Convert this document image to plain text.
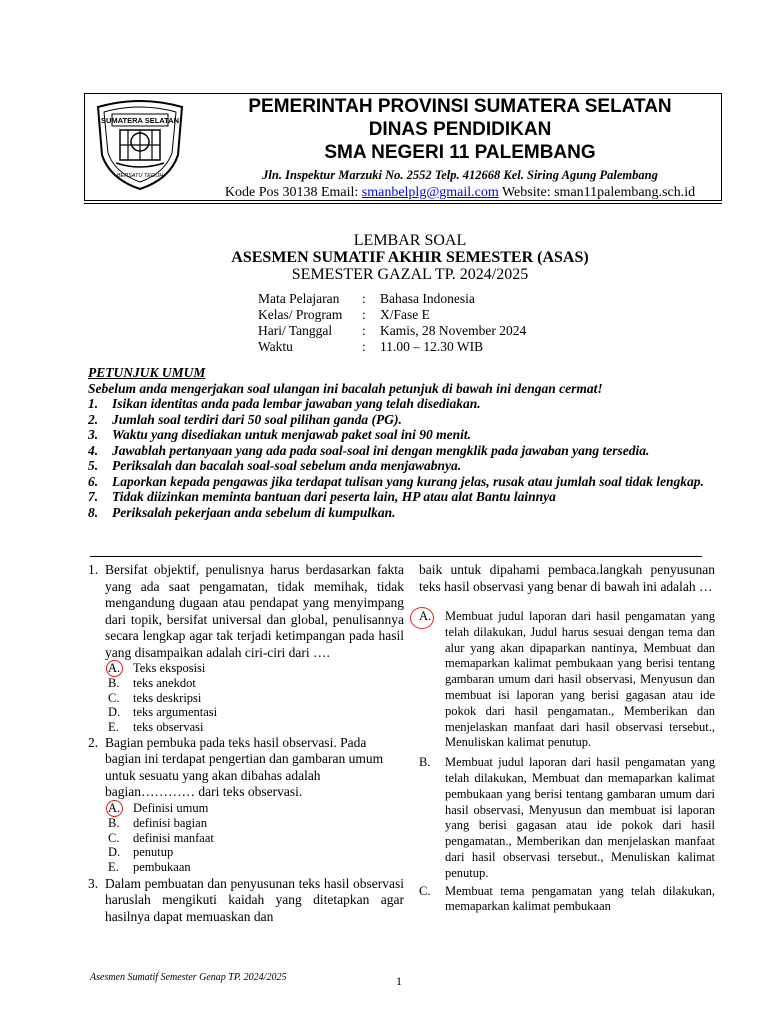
SUMATERA SELATAN
BERSATU TEGUH
PEMERINTAH PROVINSI SUMATERA SELATAN
DINAS PENDIDIKAN
SMA NEGERI 11 PALEMBANG
Jln. Inspektur Marzuki No. 2552 Telp. 412668 Kel. Siring Agung Palembang
Kode Pos 30138 Email: smanbelplg@gmail.com Website: sman11palembang.sch.id
LEMBAR SOAL
ASESMEN SUMATIF AKHIR SEMESTER (ASAS)
SEMESTER GAZAL TP. 2024/2025
Mata Pelajaran	:	Bahasa Indonesia
Kelas/ Program	:	X/Fase E
Hari/ Tanggal	:	Kamis, 28 November 2024
Waktu	:	11.00 – 12.30 WIB
PETUNJUK UMUM
Sebelum anda mengerjakan soal ulangan ini bacalah petunjuk di bawah ini dengan cermat!
1.	Isikan identitas anda pada lembar jawaban yang telah disediakan.
2.	Jumlah soal terdiri dari 50 soal pilihan ganda (PG).
3.	Waktu yang disediakan untuk menjawab paket soal ini 90 menit.
4.	Jawablah pertanyaan yang ada pada soal-soal ini dengan mengklik pada jawaban yang tersedia.
5.	Periksalah dan bacalah soal-soal sebelum anda menjawabnya.
6.	Laporkan kepada pengawas jika terdapat tulisan yang kurang jelas, rusak atau jumlah soal tidak lengkap.
7.	Tidak diizinkan meminta bantuan dari peserta lain, HP atau alat Bantu lainnya
8.	Periksalah pekerjaan anda sebelum di kumpulkan.
1. Bersifat objektif, penulisnya harus berdasarkan fakta yang ada saat pengamatan, tidak memihak, tidak mengandung dugaan atau pendapat yang menyimpang dari topik, bersifat universal dan global, penulisannya secara lengkap agar tak terjadi ketimpangan pada hasil yang disampaikan adalah ciri-ciri dari ….
A.	Teks eksposisi
B.	teks anekdot
C.	teks deskripsi
D.	teks argumentasi
E.	teks observasi
2. Bagian pembuka pada teks hasil observasi. Pada bagian ini terdapat pengertian dan gambaran umum untuk sesuatu yang akan dibahas adalah bagian………… dari teks observasi.
A.	Definisi umum
B.	definisi bagian
C.	definisi manfaat
D.	penutup
E.	pembukaan
3. Dalam pembuatan dan penyusunan teks hasil observasi haruslah mengikuti kaidah yang ditetapkan agar hasilnya dapat memuaskan dan
baik untuk dipahami pembaca.langkah penyusunan teks hasil observasi yang benar di bawah ini adalah …
A.	Membuat judul laporan dari hasil pengamatan yang telah dilakukan, Judul harus sesuai dengan tema dan alur yang akan dipaparkan nantinya, Membuat dan memaparkan kalimat pembukaan yang berisi tentang gambaran umum dari hasil observasi, Menyusun dan membuat isi laporan yang berisi gagasan atau ide pokok dari hasil pengamatan., Memberikan dan menjelaskan manfaat dari hasil observasi tersebut., Menuliskan kalimat penutup.
B.	Membuat judul laporan dari hasil pengamatan yang telah dilakukan, Membuat dan memaparkan kalimat pembukaan yang berisi tentang gambaran umum dari hasil observasi, Menyusun dan membuat isi laporan yang berisi gagasan atau ide pokok dari hasil pengamatan., Memberikan dan menjelaskan manfaat dari hasil observasi tersebut., Menuliskan kalimat penutup.
C.	Membuat tema pengamatan yang telah dilakukan, memaparkan kalimat pembukaan
Asesmen Sumatif Semester Genap TP. 2024/2025	1
